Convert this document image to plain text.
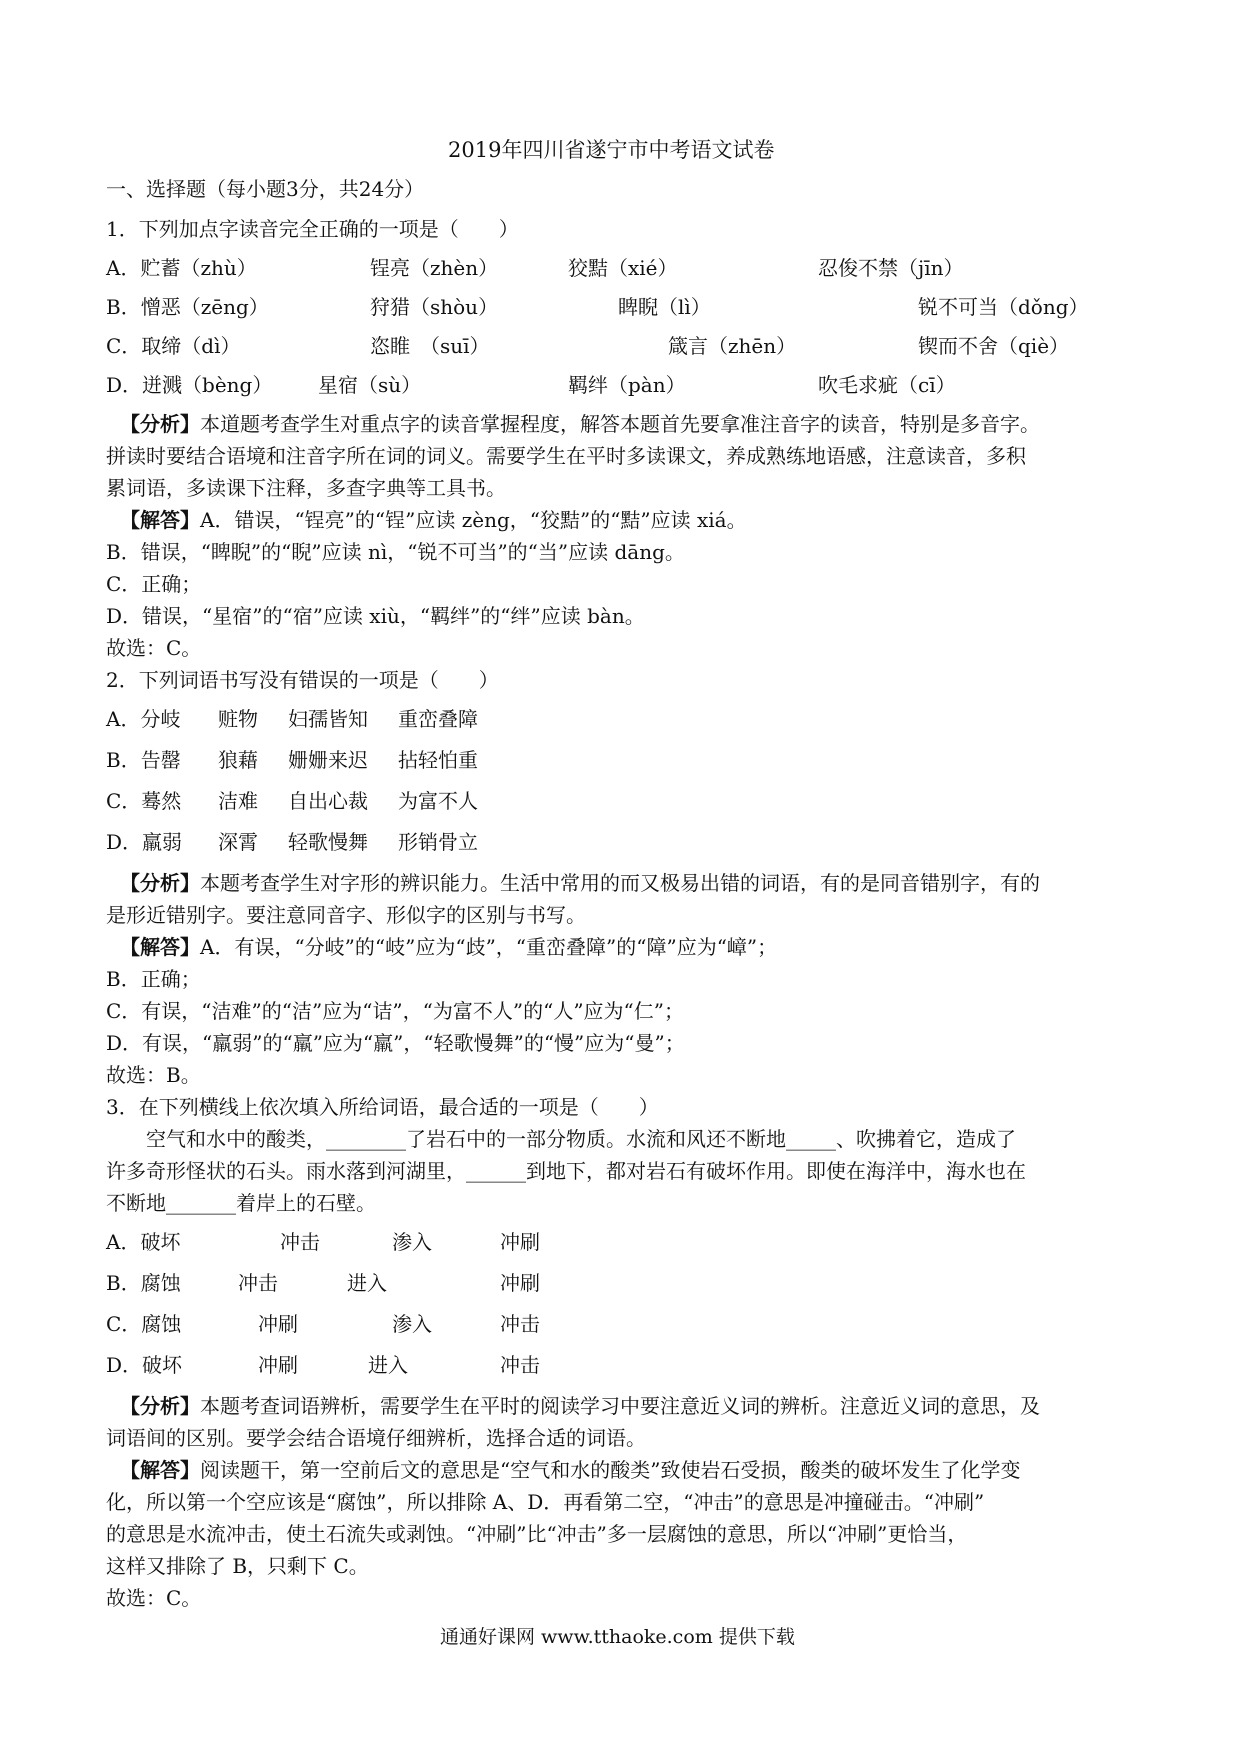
2019年四川省遂宁市中考语文试卷
一、选择题（每小题3分，共24分）
1．下列加点字读音完全正确的一项是（　　）
A．贮蓄（zhù）	锃亮（zhèn）	狡黠（xié）	忍俊不禁（jīn）
B．憎恶（zēng）	狩猎（shòu）	睥睨（lì）	锐不可当（dǒng）
C．取缔（dì）	恣睢　（suī）	箴言（zhēn）	锲而不舍（qiè）
D．迸溅（bèng） 星宿（sù）	羁绊（pàn）	吹毛求疵（cī）
【分析】本道题考查学生对重点字的读音掌握程度，解答本题首先要拿准注音字的读音，特别是多音字。
拼读时要结合语境和注音字所在词的词义。需要学生在平时多读课文，养成熟练地语感，注意读音，多积
累词语，多读课下注释，多查字典等工具书。
【解答】A．错误，“锃亮”的“锃”应读 zèng，“狡黠”的“黠”应读 xiá。
B．错误，“睥睨”的“睨”应读 nì，“锐不可当”的“当”应读 dāng。
C．正确；
D．错误，“星宿”的“宿”应读 xiù，“羁绊”的“绊”应读 bàn。
故选：C。
2．下列词语书写没有错误的一项是（　　）
A．分岐 赃物 妇孺皆知 重峦叠障
B．告罄 狼藉 姗姗来迟 拈轻怕重
C．蓦然 洁难 自出心裁 为富不人
D．羸弱 深霄 轻歌慢舞 形销骨立
【分析】本题考查学生对字形的辨识能力。生活中常用的而又极易出错的词语，有的是同音错别字，有的
是形近错别字。要注意同音字、形似字的区别与书写。
【解答】A．有误，“分岐”的“岐”应为“歧”，“重峦叠障”的“障”应为“嶂”；
B．正确；
C．有误，“洁难”的“洁”应为“诘”，“为富不人”的“人”应为“仁”；
D．有误，“羸弱”的“羸”应为“羸”，“轻歌慢舞”的“慢”应为“曼”；
故选：B。
3．在下列横线上依次填入所给词语，最合适的一项是（　　）
　　空气和水中的酸类，________了岩石中的一部分物质。水流和风还不断地_____、吹拂着它，造成了
许多奇形怪状的石头。雨水落到河湖里，______到地下，都对岩石有破坏作用。即使在海洋中，海水也在
不断地_______着岸上的石壁。
A．破坏	冲击	渗入	冲刷
B．腐蚀	冲击	进入	冲刷
C．腐蚀	冲刷	渗入	冲击
D．破坏	冲刷	进入	冲击
【分析】本题考查词语辨析，需要学生在平时的阅读学习中要注意近义词的辨析。注意近义词的意思，及
词语间的区别。要学会结合语境仔细辨析，选择合适的词语。
【解答】阅读题干，第一空前后文的意思是“空气和水的酸类”致使岩石受损，酸类的破坏发生了化学变
化，所以第一个空应该是“腐蚀”，所以排除 A、D．再看第二空，“冲击”的意思是冲撞碰击。“冲刷”
的意思是水流冲击，使土石流失或剥蚀。“冲刷”比“冲击”多一层腐蚀的意思，所以“冲刷”更恰当，
这样又排除了 B，只剩下 C。
故选：C。
通通好课网 www.tthaoke.com 提供下载
